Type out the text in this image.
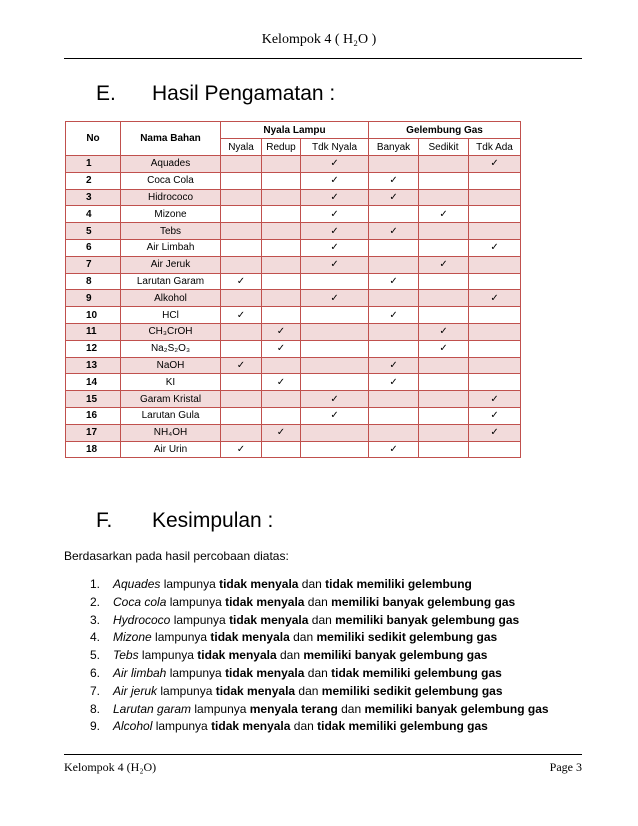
Kelompok 4 ( H₂O )
E. Hasil Pengamatan :
No	Nama Bahan	Nyala Lampu			Gelembung Gas		
		Nyala	Redup	Tdk Nyala	Banyak	Sedikit	Tdk Ada
1	Aquades			✓			✓
2	Coca Cola			✓	✓		
3	Hidrococo			✓	✓		
4	Mizone			✓		✓	
5	Tebs			✓	✓		
6	Air Limbah			✓			✓
7	Air Jeruk			✓		✓	
8	Larutan Garam	✓			✓		
9	Alkohol			✓			✓
10	HCl	✓			✓		
11	CH₃CrOH		✓			✓	
12	Na₂S₂O₃		✓			✓	
13	NaOH	✓			✓		
14	KI		✓		✓		
15	Garam Kristal			✓			✓
16	Larutan Gula			✓			✓
17	NH₄OH		✓				✓
18	Air Urin	✓			✓		
F. Kesimpulan :
Berdasarkan pada hasil percobaan diatas:
1. Aquades lampunya tidak menyala dan tidak memiliki gelembung
2. Coca cola lampunya tidak menyala dan memiliki banyak gelembung gas
3. Hydrococo lampunya tidak menyala dan memiliki banyak gelembung gas
4. Mizone lampunya tidak menyala dan memiliki sedikit gelembung gas
5. Tebs lampunya tidak menyala dan memiliki banyak gelembung gas
6. Air limbah lampunya tidak menyala dan tidak memiliki gelembung gas
7. Air jeruk lampunya tidak menyala dan memiliki sedikit gelembung gas
8. Larutan garam lampunya menyala terang dan memiliki banyak gelembung gas
9. Alcohol lampunya tidak menyala dan tidak memiliki gelembung gas
Kelompok 4 (H₂O)	Page 3
